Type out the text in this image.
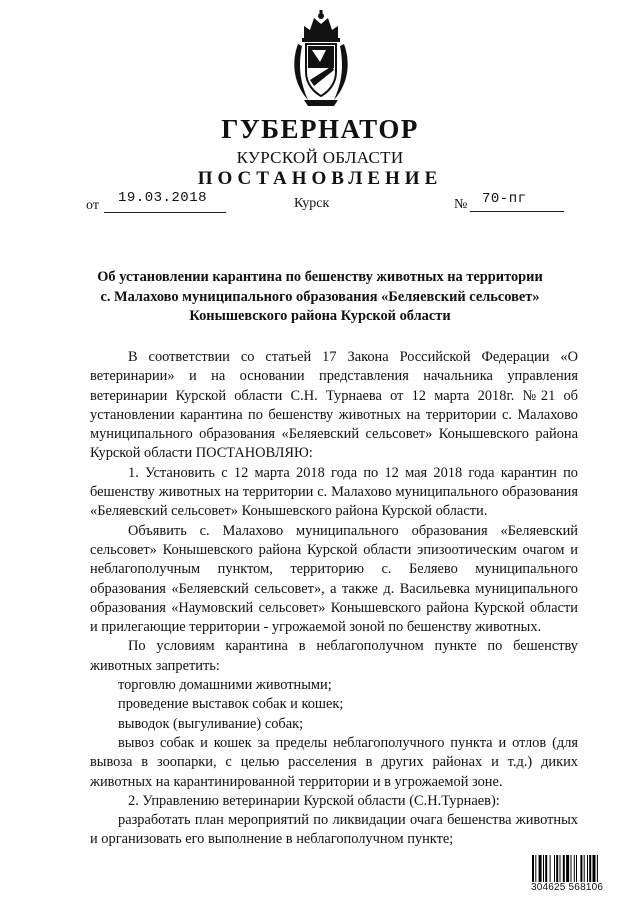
ГУБЕРНАТОР
КУРСКОЙ ОБЛАСТИ
ПОСТАНОВЛЕНИЕ
от 19.03.2018	Курск	№ 70-пг
Об установлении карантина по бешенству животных на территории
с. Малахово муниципального образования «Беляевский сельсовет»
Конышевского района Курской области

В соответствии со статьей 17 Закона Российской Федерации «О ветеринарии» и на основании представления начальника управления ветеринарии Курской области С.Н. Турнаева от 12 марта 2018г. №21 об установлении карантина по бешенству животных на территории с. Малахово муниципального образования «Беляевский сельсовет» Конышевского района Курской области ПОСТАНОВЛЯЮ:

1. Установить с 12 марта 2018 года по 12 мая 2018 года карантин по бешенству животных на территории с. Малахово муниципального образования «Беляевский сельсовет» Конышевского района Курской области.

Объявить с. Малахово муниципального образования «Беляевский сельсовет» Конышевского района Курской области эпизоотическим очагом и неблагополучным пунктом, территорию с. Беляево муниципального образования «Беляевский сельсовет», а также д. Васильевка муниципального образования «Наумовский сельсовет» Конышевского района Курской области и прилегающие территории - угрожаемой зоной по бешенству животных.

По условиям карантина в неблагополучном пункте по бешенству животных запретить:

торговлю домашними животными;

проведение выставок собак и кошек;

выводок (выгуливание) собак;

вывоз собак и кошек за пределы неблагополучного пункта и отлов (для вывоза в зоопарки, с целью расселения в других районах и т.д.) диких животных на карантинированной территории и в угрожаемой зоне.

2. Управлению ветеринарии Курской области (С.Н.Турнаев):

разработать план мероприятий по ликвидации очага бешенства животных и организовать его выполнение в неблагополучном пункте;

304625 568106
